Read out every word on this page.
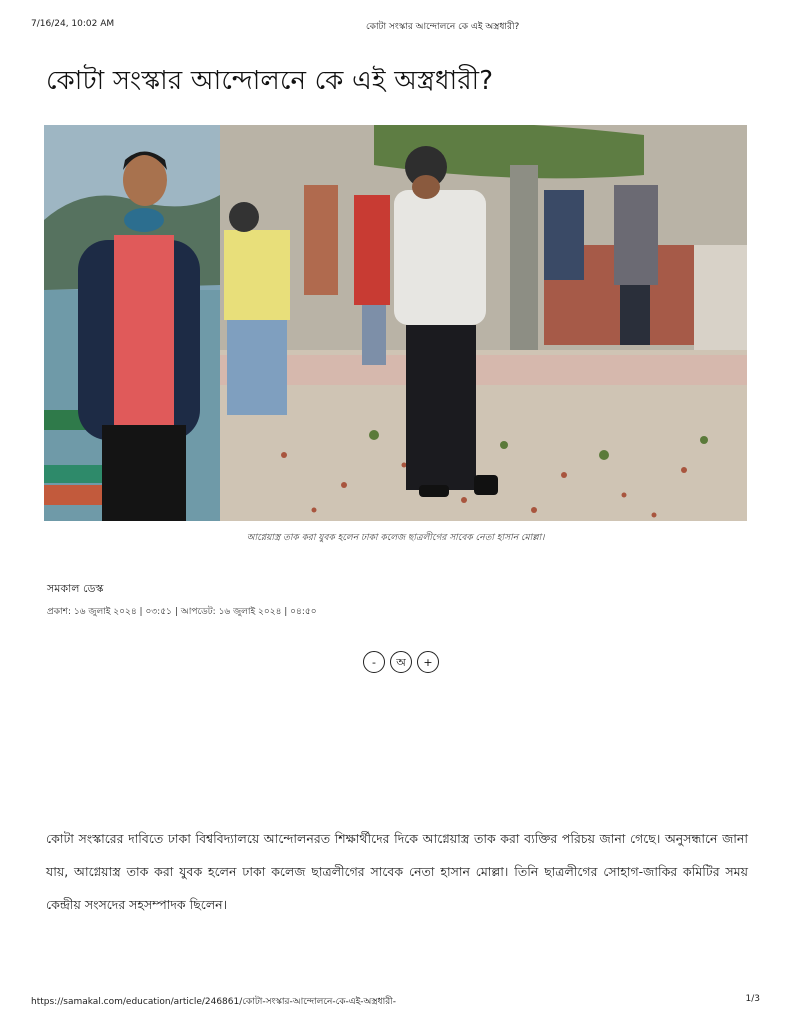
7/16/24, 10:02 AM	কোটা সংস্কার আন্দোলনে কে এই অস্ত্রধারী?
কোটা সংস্কার আন্দোলনে কে এই অস্ত্রধারী?
আগ্নেয়াস্ত্র তাক করা যুবক হলেন ঢাকা কলেজ ছাত্রলীগের সাবেক নেতা হাসান মোল্লা।
সমকাল ডেস্ক
প্রকাশ: ১৬ জুলাই ২০২৪ | ০৩:৫১ | আপডেট: ১৬ জুলাই ২০২৪ | ০৪:৫০
-	অ	+

কোটা সংস্কারের দাবিতে ঢাকা বিশ্ববিদ্যালয়ে আন্দোলনরত শিক্ষার্থীদের দিকে আগ্নেয়াস্ত্র তাক করা ব্যক্তির পরিচয় জানা গেছে। অনুসন্ধানে জানা যায়, আগ্নেয়াস্ত্র তাক করা যুবক হলেন ঢাকা কলেজ ছাত্রলীগের সাবেক নেতা হাসান মোল্লা। তিনি ছাত্রলীগের সোহাগ-জাকির কমিটির সময় কেন্দ্রীয় সংসদের সহসম্পাদক ছিলেন।

https://samakal.com/education/article/246861/কোটা-সংস্কার-আন্দোলনে-কে-এই-অস্ত্রধারী-	1/3
